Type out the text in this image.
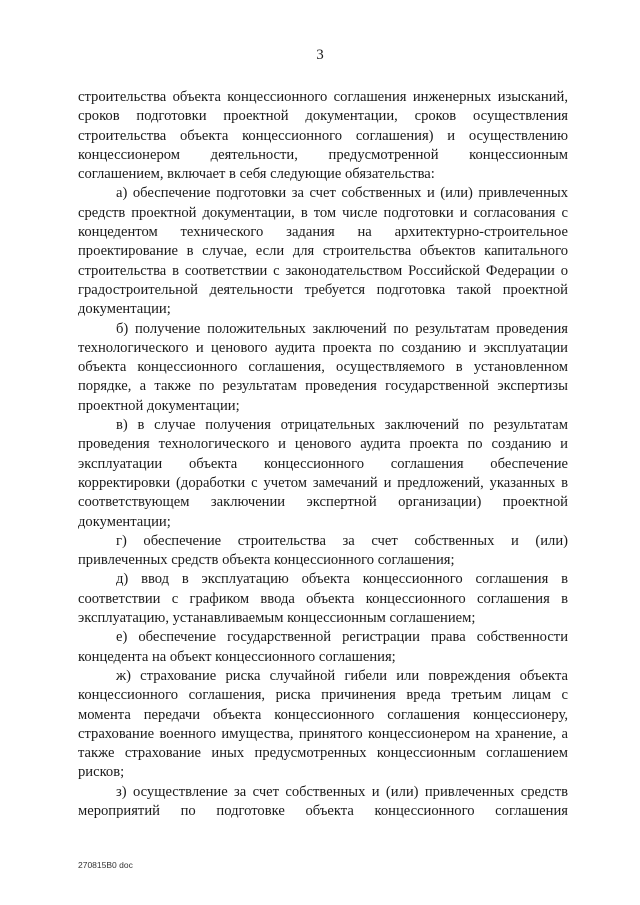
3

строительства объекта концессионного соглашения инженерных изысканий, сроков подготовки проектной документации, сроков осуществления строительства объекта концессионного соглашения) и осуществлению концессионером деятельности, предусмотренной концессионным соглашением, включает в себя следующие обязательства:

а) обеспечение подготовки за счет собственных и (или) привлеченных средств проектной документации, в том числе подготовки и согласования с концедентом технического задания на архитектурно-строительное проектирование в случае, если для строительства объектов капитального строительства в соответствии с законодательством Российской Федерации о градостроительной деятельности требуется подготовка такой проектной документации;

б) получение положительных заключений по результатам проведения технологического и ценового аудита проекта по созданию и эксплуатации объекта концессионного соглашения, осуществляемого в установленном порядке, а также по результатам проведения государственной экспертизы проектной документации;

в) в случае получения отрицательных заключений по результатам проведения технологического и ценового аудита проекта по созданию и эксплуатации объекта концессионного соглашения обеспечение корректировки (доработки с учетом замечаний и предложений, указанных в соответствующем заключении экспертной организации) проектной документации;

г) обеспечение строительства за счет собственных и (или) привлеченных средств объекта концессионного соглашения;

д) ввод в эксплуатацию объекта концессионного соглашения в соответствии с графиком ввода объекта концессионного соглашения в эксплуатацию, устанавливаемым концессионным соглашением;

е) обеспечение государственной регистрации права собственности концедента на объект концессионного соглашения;

ж) страхование риска случайной гибели или повреждения объекта концессионного соглашения, риска причинения вреда третьим лицам с момента передачи объекта концессионного соглашения концессионеру, страхование военного имущества, принятого концессионером на хранение, а также страхование иных предусмотренных концессионным соглашением рисков;

з) осуществление за счет собственных и (или) привлеченных средств мероприятий по подготовке объекта концессионного соглашения

270815B0 doc
